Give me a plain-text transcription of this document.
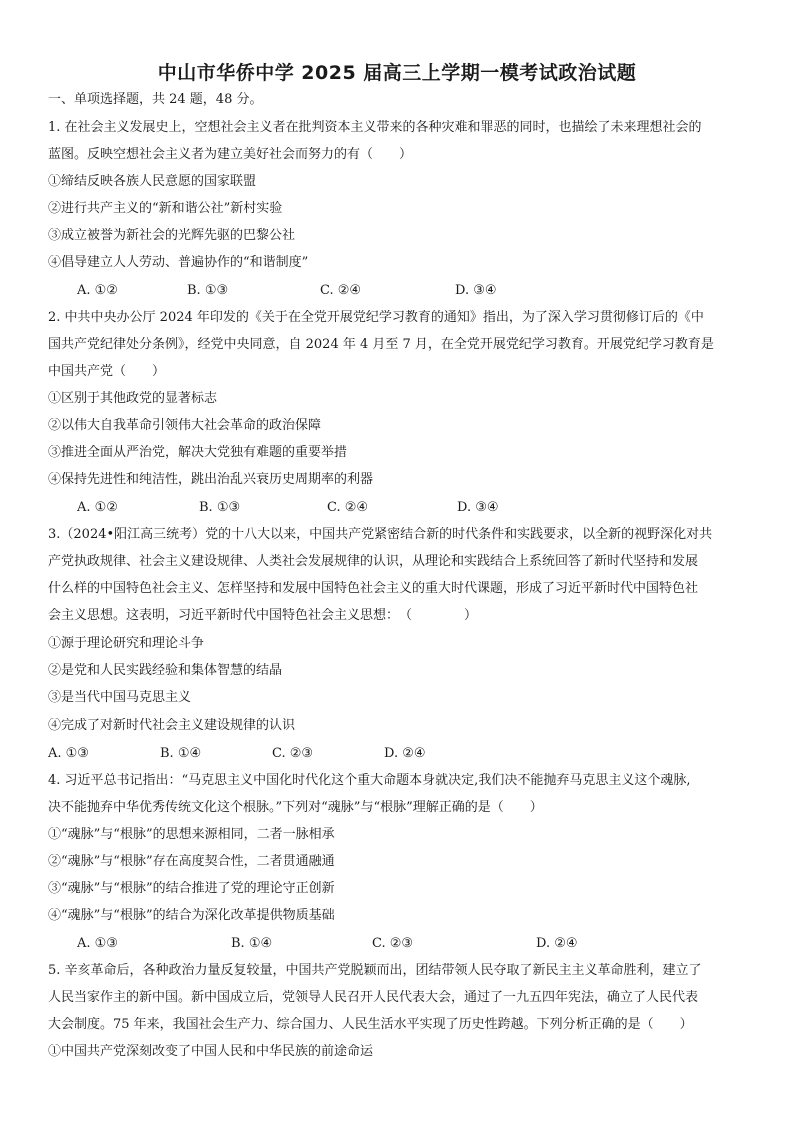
中山市华侨中学 2025 届高三上学期一模考试政治试题
一、单项选择题，共 24 题，48 分。
1. 在社会主义发展史上，空想社会主义者在批判资本主义带来的各种灾难和罪恶的同时，也描绘了未来理想社会的
蓝图。反映空想社会主义者为建立美好社会而努力的有（　　）
①缔结反映各族人民意愿的国家联盟
②进行共产主义的“新和谐公社”新村实验
③成立被誉为新社会的光辉先驱的巴黎公社
④倡导建立人人劳动、普遍协作的“和谐制度”
A. ①②	B. ①③	C. ②④	D. ③④
2. 中共中央办公厅 2024 年印发的《关于在全党开展党纪学习教育的通知》指出，为了深入学习贯彻修订后的《中
国共产党纪律处分条例》，经党中央同意，自 2024 年 4 月至 7 月，在全党开展党纪学习教育。开展党纪学习教育是
中国共产党（　　）
①区别于其他政党的显著标志
②以伟大自我革命引领伟大社会革命的政治保障
③推进全面从严治党，解决大党独有难题的重要举措
④保持先进性和纯洁性，跳出治乱兴衰历史周期率的利器
A. ①②	B. ①③	C. ②④	D. ③④
3.（2024•阳江高三统考）党的十八大以来，中国共产党紧密结合新的时代条件和实践要求，以全新的视野深化对共
产党执政规律、社会主义建设规律、人类社会发展规律的认识，从理论和实践结合上系统回答了新时代坚持和发展
什么样的中国特色社会主义、怎样坚持和发展中国特色社会主义的重大时代课题，形成了习近平新时代中国特色社
会主义思想。这表明，习近平新时代中国特色社会主义思想：　（　　　　）
①源于理论研究和理论斗争
②是党和人民实践经验和集体智慧的结晶
③是当代中国马克思主义
④完成了对新时代社会主义建设规律的认识
A. ①③	B. ①④	C. ②③	D. ②④
4. 习近平总书记指出：“马克思主义中国化时代化这个重大命题本身就决定,我们决不能抛弃马克思主义这个魂脉,
决不能抛弃中华优秀传统文化这个根脉。”下列对“魂脉”与“根脉”理解正确的是（　　）
①“魂脉”与“根脉”的思想来源相同，二者一脉相承
②“魂脉”与“根脉”存在高度契合性，二者贯通融通
③“魂脉”与“根脉”的结合推进了党的理论守正创新
④“魂脉”与“根脉”的结合为深化改革提供物质基础
A. ①③	B. ①④	C. ②③	D. ②④
5. 辛亥革命后，各种政治力量反复较量，中国共产党脱颖而出，团结带领人民夺取了新民主主义革命胜利，建立了
人民当家作主的新中国。新中国成立后，党领导人民召开人民代表大会，通过了一九五四年宪法，确立了人民代表
大会制度。75 年来，我国社会生产力、综合国力、人民生活水平实现了历史性跨越。下列分析正确的是（　　）
①中国共产党深刻改变了中国人民和中华民族的前途命运
